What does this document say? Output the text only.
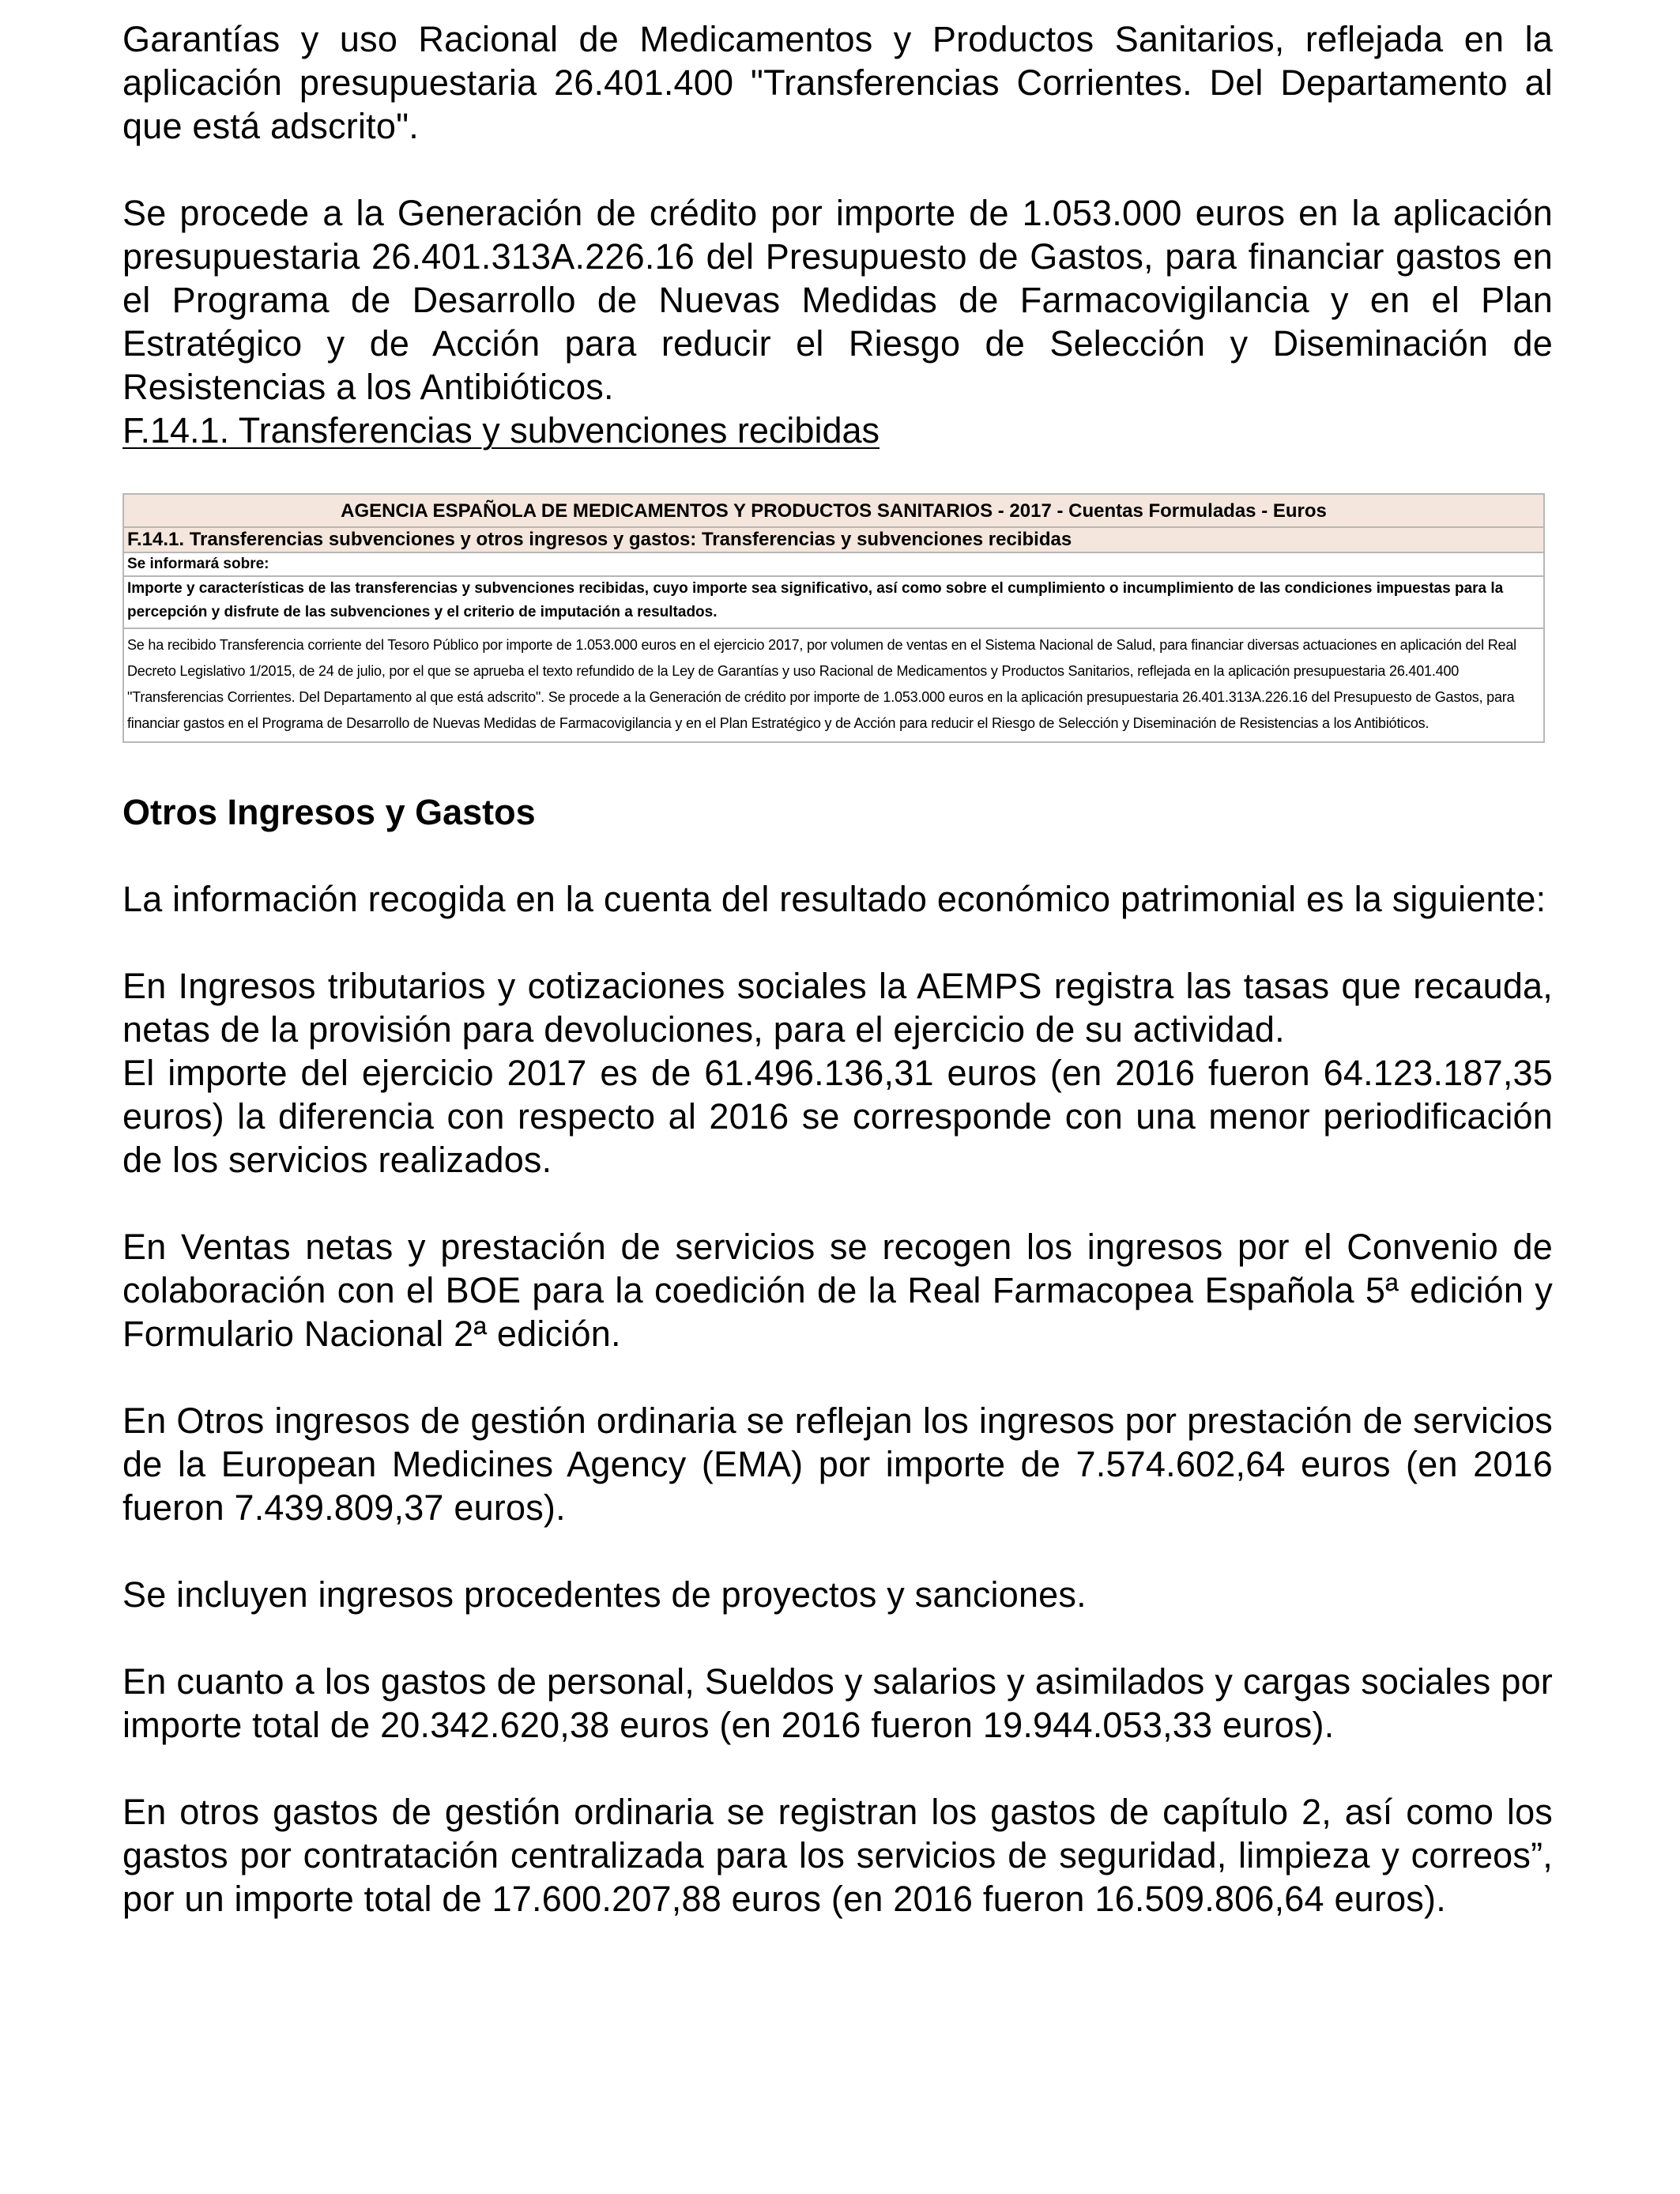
Garantías y uso Racional de Medicamentos y Productos Sanitarios, reflejada en la aplicación presupuestaria 26.401.400 "Transferencias Corrientes. Del Departamento al que está adscrito".

Se procede a la Generación de crédito por importe de 1.053.000 euros en la aplicación presupuestaria 26.401.313A.226.16 del Presupuesto de Gastos, para financiar gastos en el Programa de Desarrollo de Nuevas Medidas de Farmacovigilancia y en el Plan Estratégico y de Acción para reducir el Riesgo de Selección y Diseminación de Resistencias a los Antibióticos.

F.14.1. Transferencias y subvenciones recibidas

AGENCIA ESPAÑOLA DE MEDICAMENTOS Y PRODUCTOS SANITARIOS - 2017 - Cuentas Formuladas - Euros
F.14.1. Transferencias subvenciones y otros ingresos y gastos: Transferencias y subvenciones recibidas
Se informará sobre:
Importe y características de las transferencias y subvenciones recibidas, cuyo importe sea significativo, así como sobre el cumplimiento o incumplimiento de las condiciones impuestas para la percepción y disfrute de las subvenciones y el criterio de imputación a resultados.
Se ha recibido Transferencia corriente del Tesoro Público por importe de 1.053.000 euros en el ejercicio 2017, por volumen de ventas en el Sistema Nacional de Salud, para financiar diversas actuaciones en aplicación del Real Decreto Legislativo 1/2015, de 24 de julio, por el que se aprueba el texto refundido de la Ley de Garantías y uso Racional de Medicamentos y Productos Sanitarios, reflejada en la aplicación presupuestaria 26.401.400 "Transferencias Corrientes. Del Departamento al que está adscrito". Se procede a la Generación de crédito por importe de 1.053.000 euros en la aplicación presupuestaria 26.401.313A.226.16 del Presupuesto de Gastos, para financiar gastos en el Programa de Desarrollo de Nuevas Medidas de Farmacovigilancia y en el Plan Estratégico y de Acción para reducir el Riesgo de Selección y Diseminación de Resistencias a los Antibióticos.

Otros Ingresos y Gastos

La información recogida en la cuenta del resultado económico patrimonial es la siguiente:

En Ingresos tributarios y cotizaciones sociales la AEMPS registra las tasas que recauda, netas de la provisión para devoluciones, para el ejercicio de su actividad.

El importe del ejercicio 2017 es de 61.496.136,31 euros (en 2016 fueron 64.123.187,35 euros) la diferencia con respecto al 2016 se corresponde con una menor periodificación de los servicios realizados.

En Ventas netas y prestación de servicios se recogen los ingresos por el Convenio de colaboración con el BOE para la coedición de la Real Farmacopea Española 5ª edición y Formulario Nacional 2ª edición.

En Otros ingresos de gestión ordinaria se reflejan los ingresos por prestación de servicios de la European Medicines Agency (EMA) por importe de 7.574.602,64 euros (en 2016 fueron 7.439.809,37 euros).

Se incluyen ingresos procedentes de proyectos y sanciones.

En cuanto a los gastos de personal, Sueldos y salarios y asimilados y cargas sociales por importe total de 20.342.620,38 euros (en 2016 fueron 19.944.053,33 euros).

En otros gastos de gestión ordinaria se registran los gastos de capítulo 2, así como los gastos por contratación centralizada para los servicios de seguridad, limpieza y correos”, por un importe total de 17.600.207,88 euros (en 2016 fueron 16.509.806,64 euros).
